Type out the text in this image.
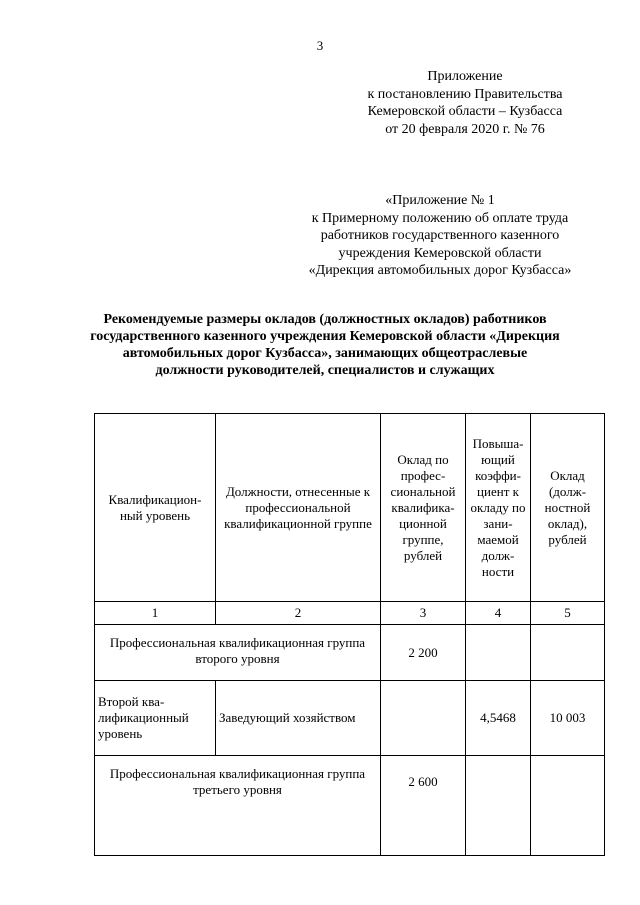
3
Приложение
к постановлению Правительства
Кемеровской области – Кузбасса
от 20 февраля 2020 г. № 76
«Приложение № 1
к Примерному положению об оплате труда
работников государственного казенного
учреждения Кемеровской области
«Дирекция автомобильных дорог Кузбасса»
Рекомендуемые размеры окладов (должностных окладов) работников государственного казенного учреждения Кемеровской области «Дирекция автомобильных дорог Кузбасса», занимающих общеотраслевые должности руководителей, специалистов и служащих
Квалификацион-ный уровень	Должности, отнесенные к профессиональной квалификационной группе	Оклад по профес-сиональной квалифика-ционной группе, рублей	Повыша-ющий коэффи-циент к окладу по зани-маемой долж-ности	Оклад (долж-ностной оклад), рублей
1	2	3	4	5
Профессиональная квалификационная группа второго уровня		2 200		
Второй ква-лификационный уровень	Заведующий хозяйством		4,5468	10 003
Профессиональная квалификационная группа третьего уровня		2 600		
